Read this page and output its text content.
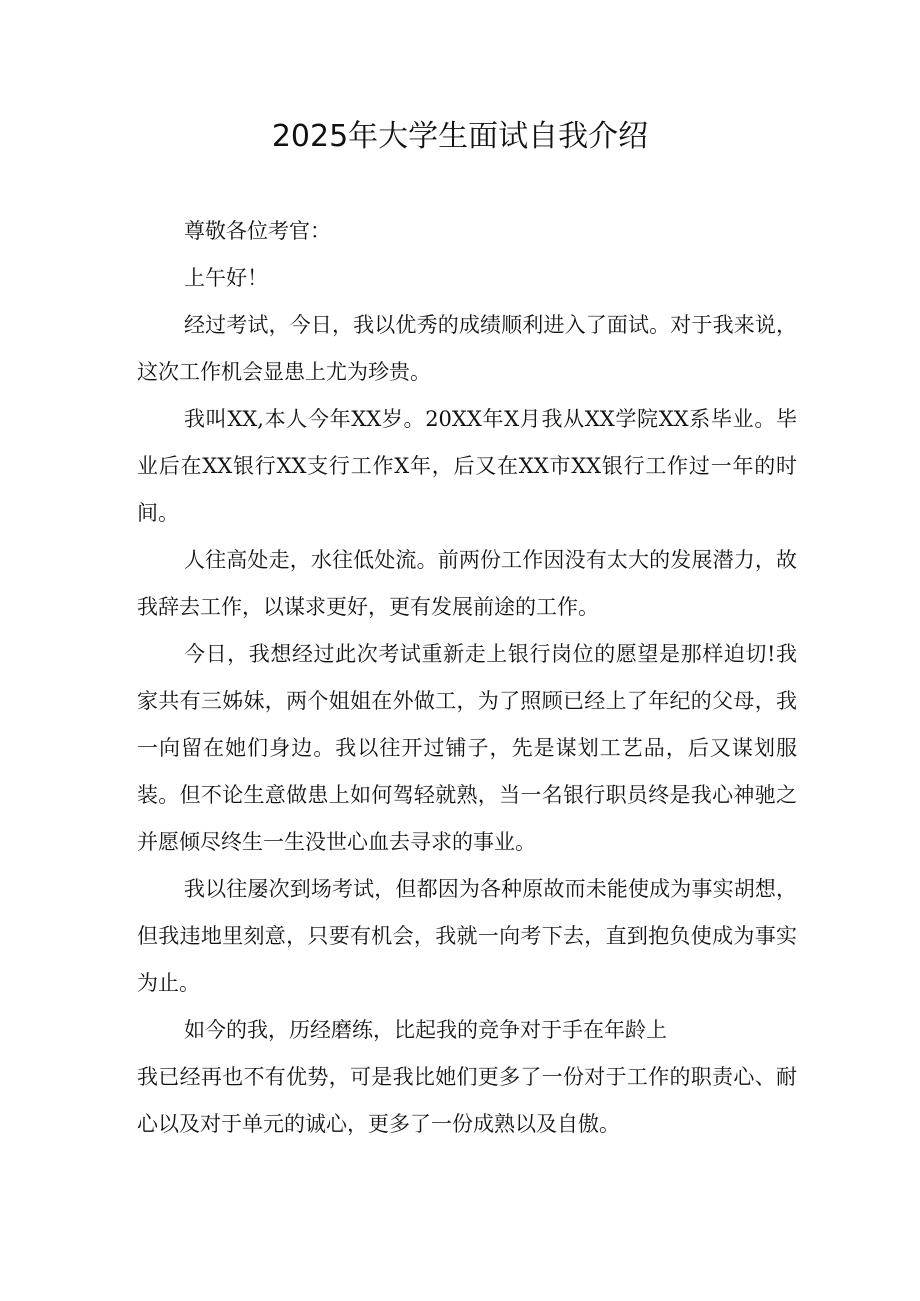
2025年大学生面试自我介绍

尊敬各位考官：

上午好！

经过考试，今日，我以优秀的成绩顺利进入了面试。对于我来说，这次工作机会显患上尤为珍贵。

我叫XX,本人今年XX岁。20XX年X月我从XX学院XX系毕业。毕业后在XX银行XX支行工作X年，后又在XX市XX银行工作过一年的时间。

人往高处走，水往低处流。前两份工作因没有太大的发展潜力，故我辞去工作，以谋求更好，更有发展前途的工作。

今日，我想经过此次考试重新走上银行岗位的愿望是那样迫切!我家共有三姊妹，两个姐姐在外做工，为了照顾已经上了年纪的父母，我一向留在她们身边。我以往开过铺子，先是谋划工艺品，后又谋划服装。但不论生意做患上如何驾轻就熟，当一名银行职员终是我心神驰之并愿倾尽终生一生没世心血去寻求的事业。

我以往屡次到场考试，但都因为各种原故而未能使成为事实胡想，但我违地里刻意，只要有机会，我就一向考下去，直到抱负使成为事实为止。

如今的我，历经磨练，比起我的竞争对于手在年龄上

我已经再也不有优势，可是我比她们更多了一份对于工作的职责心、耐心以及对于单元的诚心，更多了一份成熟以及自傲。
